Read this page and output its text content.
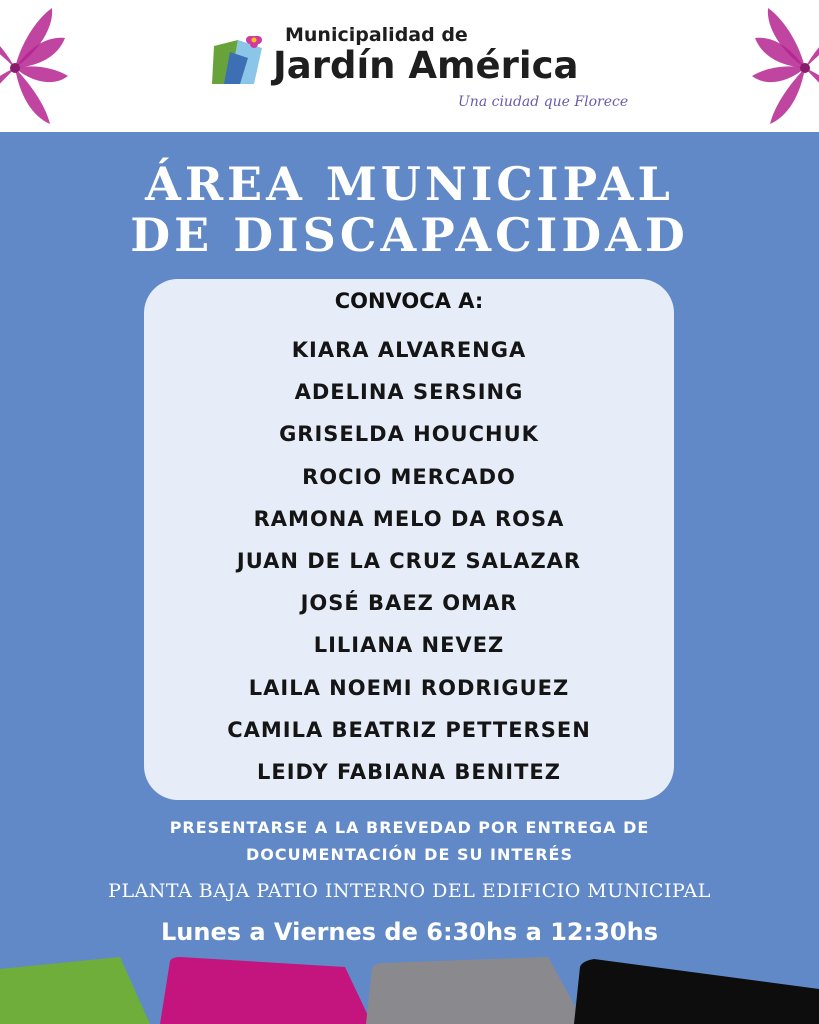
Municipalidad de
Jardín América
Una ciudad que Florece
ÁREA MUNICIPAL
DE DISCAPACIDAD
CONVOCA A:
KIARA ALVARENGA
ADELINA SERSING
GRISELDA HOUCHUK
ROCIO MERCADO
RAMONA MELO DA ROSA
JUAN DE LA CRUZ SALAZAR
JOSÉ BAEZ OMAR
LILIANA NEVEZ
LAILA NOEMI RODRIGUEZ
CAMILA BEATRIZ PETTERSEN
LEIDY FABIANA BENITEZ
PRESENTARSE A LA BREVEDAD POR ENTREGA DE
DOCUMENTACIÓN DE SU INTERÉS
PLANTA BAJA PATIO INTERNO DEL EDIFICIO MUNICIPAL
Lunes a Viernes de 6:30hs a 12:30hs
